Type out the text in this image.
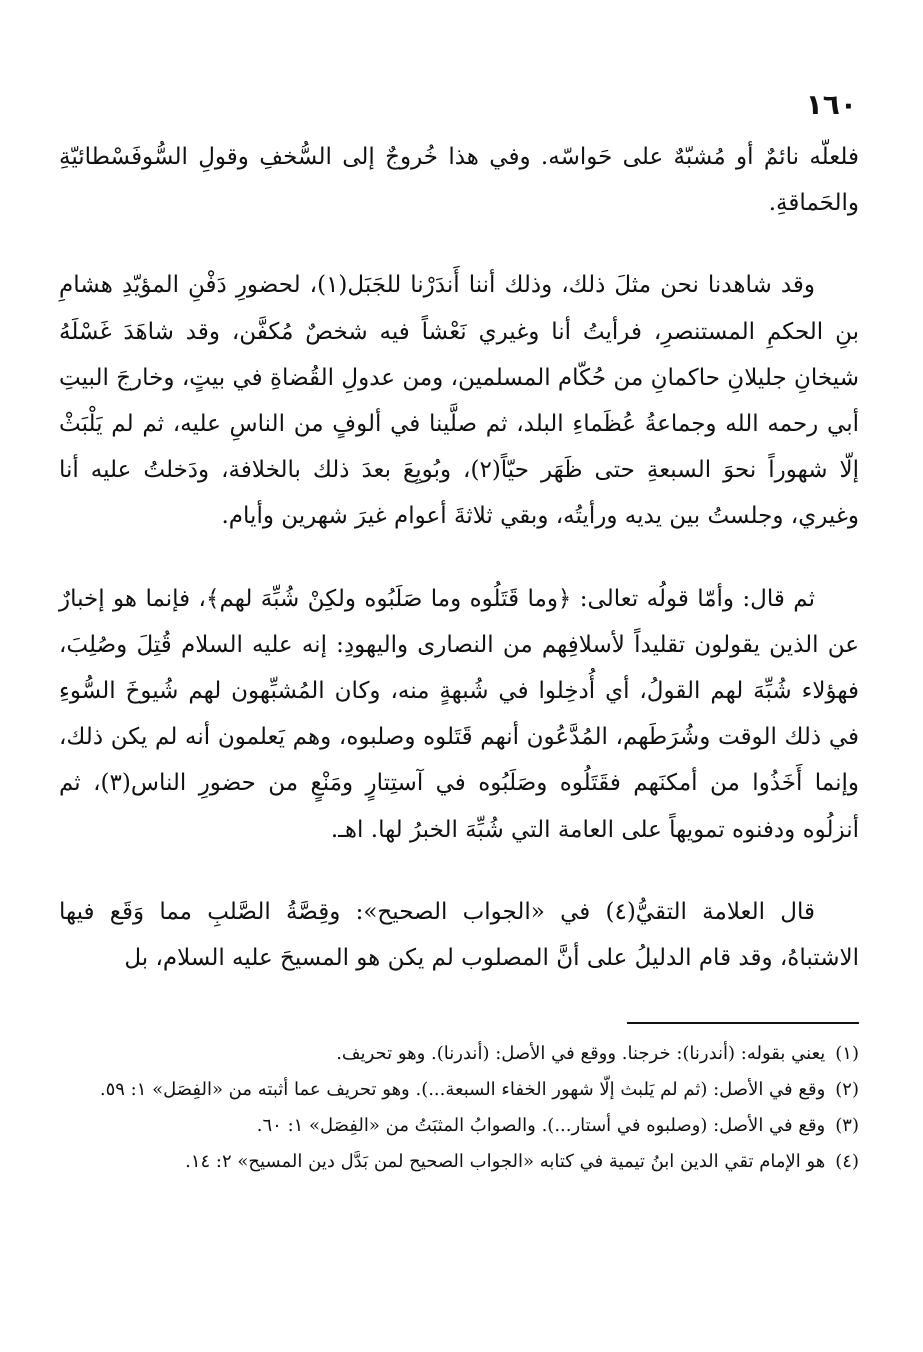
١٦٠

فلعلّه نائمٌ أو مُشبّهٌ على حَواسّه. وفي هذا خُروجٌ إلى السُّخفِ وقولِ السُّوفَسْطائيّةِ والحَماقةِ.

وقد شاهدنا نحن مثلَ ذلك، وذلك أننا أَندَرْنا للجَبَل(١)، لحضورِ دَفْنِ المؤيّدِ هشامِ بنِ الحكمِ المستنصرِ، فرأيتُ أنا وغيري نَعْشاً فيه شخصٌ مُكفَّن، وقد شاهَدَ غَسْلَهُ شيخانِ جليلانِ حاكمانِ من حُكّام المسلمين، ومن عدولِ القُضاةِ في بيتٍ، وخارجَ البيتِ أبي رحمه الله وجماعةُ عُظَماءِ البلد، ثم صلَّينا في ألوفٍ من الناسِ عليه، ثم لم يَلْبَثْ إلّا شهوراً نحوَ السبعةِ حتى ظَهَر حيّاً(٢)، وبُويِعَ بعدَ ذلك بالخلافة، ودَخلتُ عليه أنا وغيري، وجلستُ بين يديه ورأيتُه، وبقي ثلاثةَ أعوام غيرَ شهرين وأيام.

ثم قال: وأمّا قولُه تعالى: ﴿وما قَتَلُوه وما صَلَبُوه ولكِنْ شُبِّهَ لهم﴾، فإنما هو إخبارٌ عن الذين يقولون تقليداً لأسلافِهم من النصارى واليهودِ: إنه عليه السلام قُتِلَ وصُلِبَ، فهؤلاء شُبِّهَ لهم القولُ، أي أُدخِلوا في شُبهةٍ منه، وكان المُشبِّهون لهم شُيوخَ السُّوءِ في ذلك الوقت وشُرَطَهم، المُدَّعُون أنهم قَتَلوه وصلبوه، وهم يَعلمون أنه لم يكن ذلك، وإنما أَخَذُوا من أمكنَهم فقَتَلُوه وصَلَبُوه في آستِتارٍ ومَنْعٍ من حضورِ الناس(٣)، ثم أنزلُوه ودفنوه تمويهاً على العامة التي شُبِّهَ الخبرُ لها. اهـ.

قال العلامة التقيُّ(٤) في «الجواب الصحيح»: وقِصَّةُ الصَّلبِ مما وَقَع فيها الاشتباهُ، وقد قام الدليلُ على أنَّ المصلوب لم يكن هو المسيحَ عليه السلام، بل

(١)يعني بقوله: (أندرنا): خرجنا. ووقع في الأصل: (أندرنا). وهو تحريف.

(٢)وقع في الأصل: (ثم لم يَلبث إلّا شهور الخفاء السبعة...). وهو تحريف عما أثبته من «الفِصَل» ١: ٥٩.

(٣)وقع في الأصل: (وصلبوه في أستار...). والصوابُ المثبَتُ من «الفِصَل» ١: ٦٠.

(٤)هو الإمام تقي الدين ابنُ تيمية في كتابه «الجواب الصحيح لمن بَدَّل دين المسيح» ٢: ١٤.
